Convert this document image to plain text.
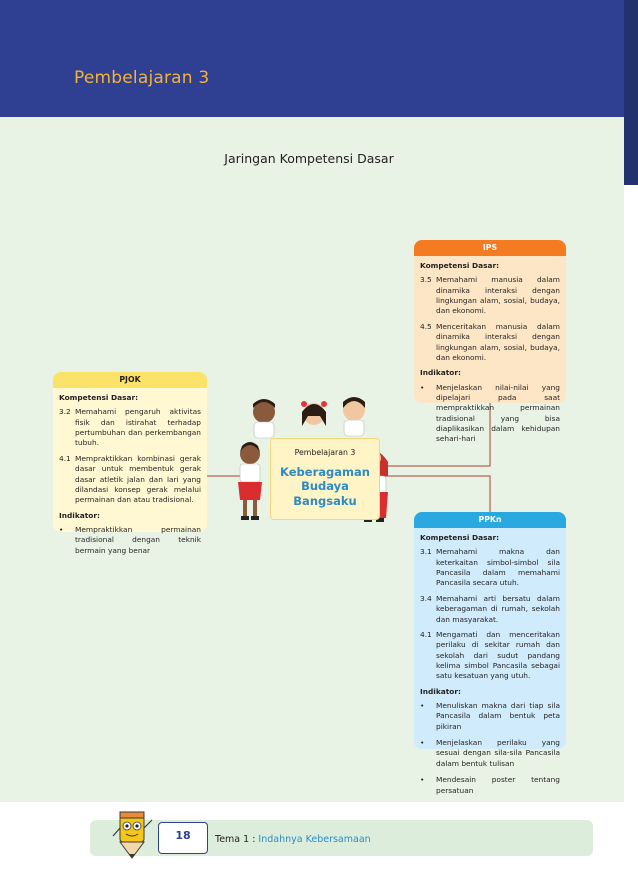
Pembelajaran 3
Jaringan Kompetensi Dasar
IPS
Kompetensi Dasar:
3.5 Memahami manusia dalam dinamika interaksi dengan lingkungan alam, sosial, budaya, dan ekonomi.
4.5 Menceritakan manusia dalam dinamika interaksi dengan lingkungan alam, sosial, budaya, dan ekonomi.
Indikator:
•	Menjelaskan nilai-nilai yang dipelajari pada saat mempraktikkan permainan tradisional yang bisa diaplikasikan dalam kehidupan sehari-hari
PJOK
Kompetensi Dasar:
3.2 Memahami pengaruh aktivitas fisik dan istirahat terhadap pertumbuhan dan perkembangan tubuh.
4.1 Mempraktikkan kombinasi gerak dasar untuk membentuk gerak dasar atletik jalan dan lari yang dilandasi konsep gerak melalui permainan dan atau tradisional.
Indikator:
•	Mempraktikkan permainan tradisional dengan teknik bermain yang benar
PPKn
Kompetensi Dasar:
3.1 Memahami makna dan keterkaitan simbol-simbol sila Pancasila dalam memahami Pancasila secara utuh.
3.4 Memahami arti bersatu dalam keberagaman di rumah, sekolah dan masyarakat.
4.1 Mengamati dan menceritakan perilaku di sekitar rumah dan sekolah dari sudut pandang kelima simbol Pancasila sebagai satu kesatuan yang utuh.
Indikator:
•	Menuliskan makna dari tiap sila Pancasila dalam bentuk peta pikiran
•	Menjelaskan perilaku yang sesuai dengan sila-sila Pancasila dalam bentuk tulisan
•	Mendesain poster tentang persatuan
Pembelajaran 3
Keberagaman
Budaya
Bangsaku
18	Tema 1 : Indahnya Kebersamaan
